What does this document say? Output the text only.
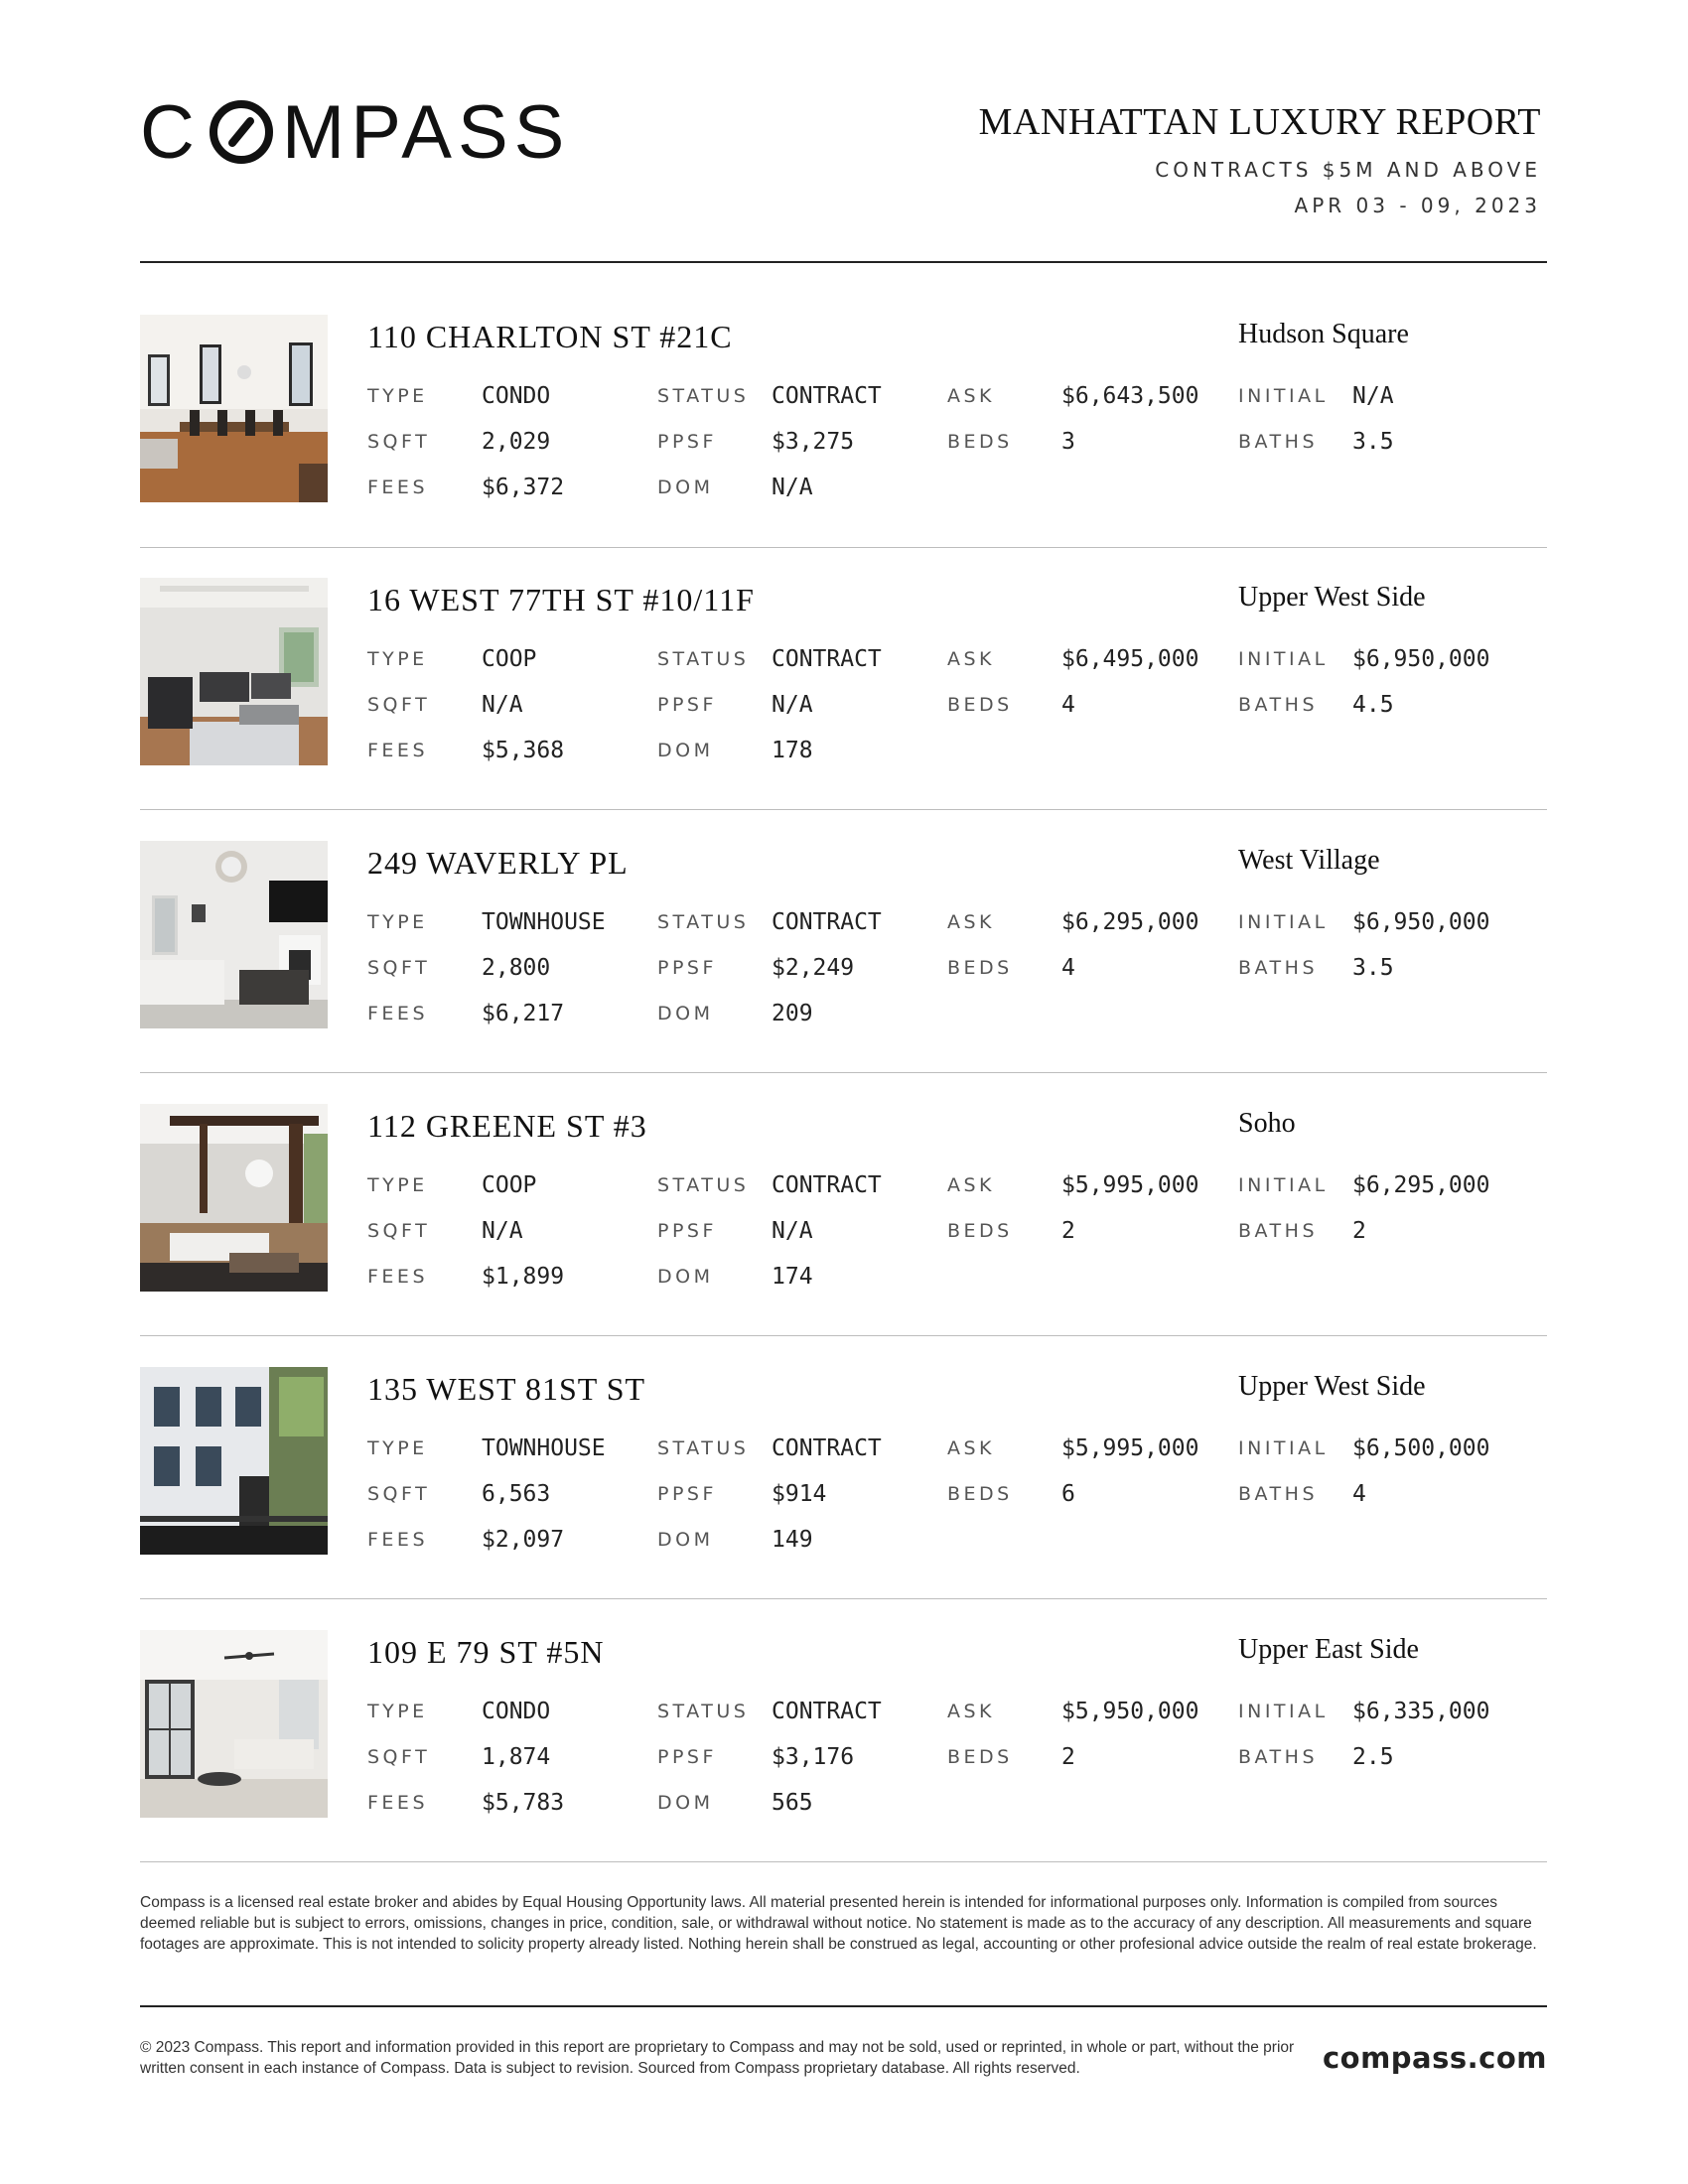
C MPASS	MANHATTAN LUXURY REPORT
CONTRACTS $5M AND ABOVE
APR 03 - 09, 2023
110 CHARLTON ST #21C	Hudson Square
TYPE CONDO	STATUS CONTRACT	ASK	$6,643,500 INITIAL N/A
SQFT 2,029	PPSF $3,275	BEDS 3	BATHS 3.5
FEES $6,372	DOM	N/A
16 WEST 77TH ST #10/11F	Upper West Side
TYPE COOP	STATUS CONTRACT	ASK	$6,495,000 INITIAL $6,950,000
SQFT N/A	PPSF N/A	BEDS 4	BATHS 4.5
FEES $5,368	DOM	178
249 WAVERLY PL	West Village
TYPE TOWNHOUSE	STATUS CONTRACT	ASK	$6,295,000 INITIAL $6,950,000
SQFT 2,800	PPSF $2,249	BEDS 4	BATHS 3.5
FEES $6,217	DOM	209
112 GREENE ST #3	Soho
TYPE COOP	STATUS CONTRACT	ASK	$5,995,000 INITIAL $6,295,000
SQFT N/A	PPSF N/A	BEDS 2	BATHS 2
FEES $1,899	DOM	174
135 WEST 81ST ST	Upper West Side
TYPE TOWNHOUSE	STATUS CONTRACT	ASK	$5,995,000 INITIAL $6,500,000
SQFT 6,563	PPSF $914	BEDS 6	BATHS 4
FEES $2,097	DOM	149
109 E 79 ST #5N	Upper East Side
TYPE CONDO	STATUS CONTRACT	ASK	$5,950,000 INITIAL $6,335,000
SQFT 1,874	PPSF $3,176	BEDS 2	BATHS 2.5
FEES $5,783	DOM	565
Compass is a licensed real estate broker and abides by Equal Housing Opportunity laws. All material presented herein is intended for informational purposes only. Information is compiled from sources deemed reliable but is subject to errors, omissions, changes in price, condition, sale, or withdrawal without notice. No statement is made as to the accuracy of any description. All measurements and square footages are approximate. This is not intended to solicity property already listed. Nothing herein shall be construed as legal, accounting or other profesional advice outside the realm of real estate brokerage.
© 2023 Compass. This report and information provided in this report are proprietary to Compass and may not be sold, used or reprinted, in whole or part, without the prior written consent in each instance of Compass. Data is subject to revision. Sourced from Compass proprietary database. All rights reserved.	compass.com
